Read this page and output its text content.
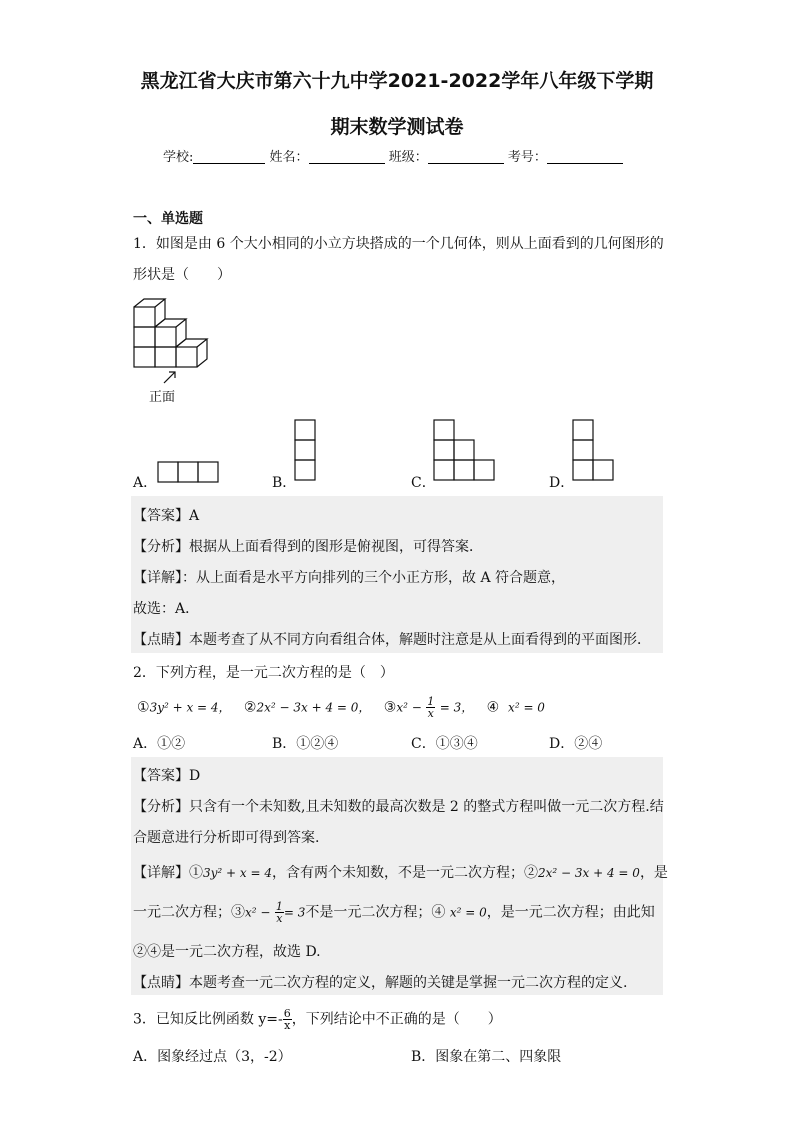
黑龙江省大庆市第六十九中学2021-2022学年八年级下学期
期末数学测试卷
学校:	姓名：	班级：	考号：
一、单选题
1．如图是由 6 个大小相同的小立方块搭成的一个几何体，则从上面看到的几何图形的
形状是（　　）
正面
A．	B．	C．	D．
【答案】A
【分析】根据从上面看得到的图形是俯视图，可得答案．
【详解】：从上面看是水平方向排列的三个小正方形，故 A 符合题意，
故选：A．
【点睛】本题考查了从不同方向看组合体，解题时注意是从上面看得到的平面图形．
2．下列方程，是一元二次方程的是（　）
①3y² + x = 4， ②2x² − 3x + 4 = 0， ③x² − $\frac{1}{x} = 3$， ④ x² = 0
A．①②	B．①②④	C．①③④	D．②④
【答案】D
【分析】只含有一个未知数,且未知数的最高次数是 2 的整式方程叫做一元二次方程.结
合题意进行分析即可得到答案.
【详解】①3y² + x = 4，含有两个未知数，不是一元二次方程；②2x² − 3x + 4 = 0，是
一元二次方程；③x² − $\frac{1}{x} = 3$不是一元二次方程；④ x² = 0，是一元二次方程；由此知
②④是一元二次方程，故选 D.
【点睛】本题考查一元二次方程的定义，解题的关键是掌握一元二次方程的定义.
3．已知反比例函数 $y=- \frac{6}{x}$ ，下列结论中不正确的是（　　）
A．图象经过点（3，-2）	B．图象在第二、四象限
